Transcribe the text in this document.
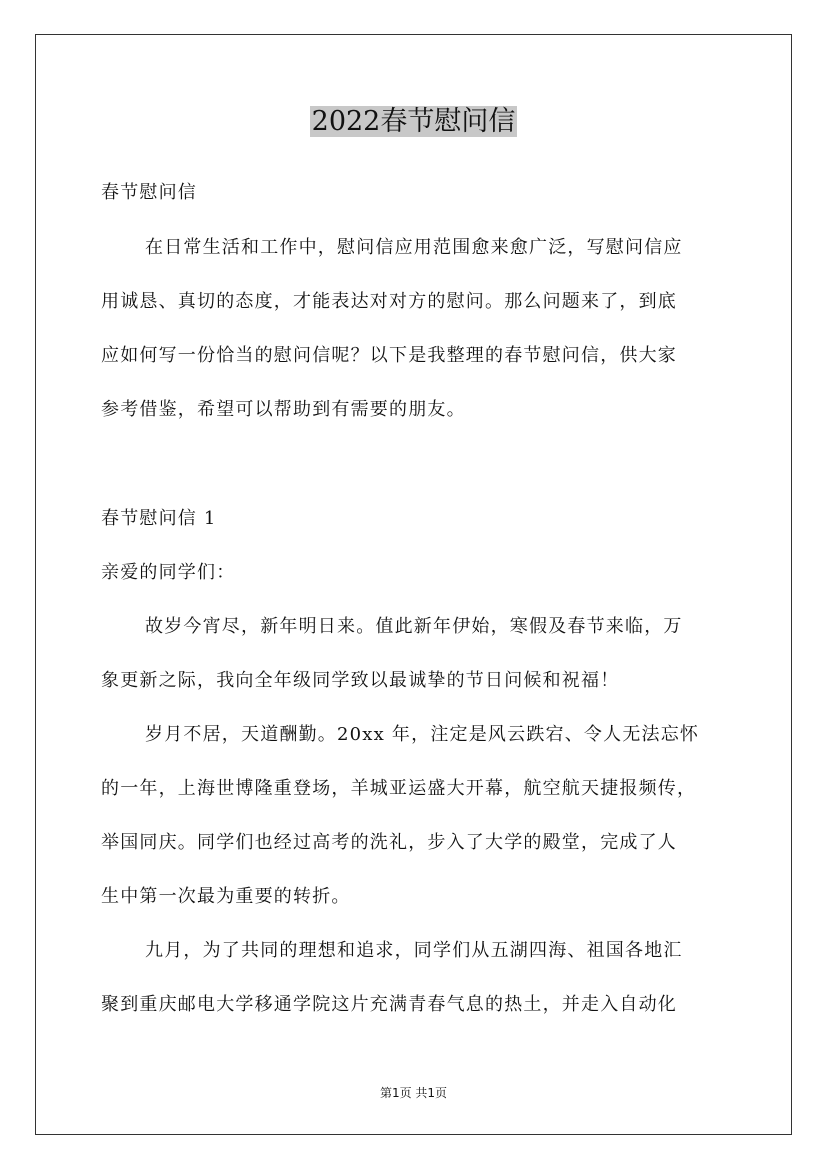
2022春节慰问信
春节慰问信
在日常生活和工作中，慰问信应用范围愈来愈广泛，写慰问信应
用诚恳、真切的态度，才能表达对对方的慰问。那么问题来了，到底
应如何写一份恰当的慰问信呢？以下是我整理的春节慰问信，供大家
参考借鉴，希望可以帮助到有需要的朋友。
春节慰问信 1
亲爱的同学们：
故岁今宵尽，新年明日来。值此新年伊始，寒假及春节来临，万
象更新之际，我向全年级同学致以最诚挚的节日问候和祝福！
岁月不居，天道酬勤。20xx 年，注定是风云跌宕、令人无法忘怀
的一年，上海世博隆重登场，羊城亚运盛大开幕，航空航天捷报频传，
举国同庆。同学们也经过高考的洗礼，步入了大学的殿堂，完成了人
生中第一次最为重要的转折。
九月，为了共同的理想和追求，同学们从五湖四海、祖国各地汇
聚到重庆邮电大学移通学院这片充满青春气息的热土，并走入自动化
第1页 共1页
